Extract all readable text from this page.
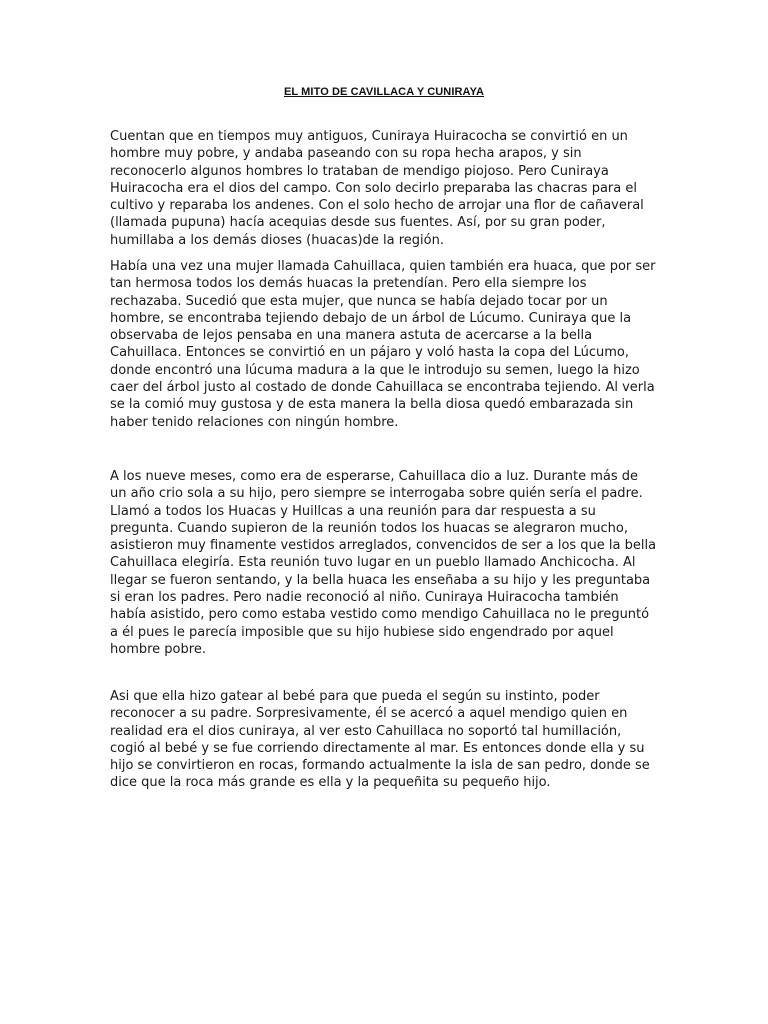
EL MITO DE CAVILLACA Y CUNIRAYA

Cuentan que en tiempos muy antiguos, Cuniraya Huiracocha se convirtió en un hombre muy pobre, y andaba paseando con su ropa hecha arapos, y sin reconocerlo algunos hombres lo trataban de mendigo piojoso. Pero Cuniraya Huiracocha era el dios del campo. Con solo decirlo preparaba las chacras para el cultivo y reparaba los andenes. Con el solo hecho de arrojar una flor de cañaveral (llamada pupuna) hacía acequias desde sus fuentes. Así, por su gran poder, humillaba a los demás dioses (huacas)de la región.

Había una vez una mujer llamada Cahuillaca, quien también era huaca, que por ser tan hermosa todos los demás huacas la pretendían. Pero ella siempre los rechazaba. Sucedió que esta mujer, que nunca se había dejado tocar por un hombre, se encontraba tejiendo debajo de un árbol de Lúcumo. Cuniraya que la observaba de lejos pensaba en una manera astuta de acercarse a la bella Cahuillaca. Entonces se convirtió en un pájaro y voló hasta la copa del Lúcumo, donde encontró una lúcuma madura a la que le introdujo su semen, luego la hizo caer del árbol justo al costado de donde Cahuillaca se encontraba tejiendo. Al verla se la comió muy gustosa y de esta manera la bella diosa quedó embarazada sin haber tenido relaciones con ningún hombre.

A los nueve meses, como era de esperarse, Cahuillaca dio a luz. Durante más de un año crio sola a su hijo, pero siempre se interrogaba sobre quién sería el padre. Llamó a todos los Huacas y Huillcas a una reunión para dar respuesta a su pregunta. Cuando supieron de la reunión todos los huacas se alegraron mucho, asistieron muy finamente vestidos arreglados, convencidos de ser a los que la bella Cahuillaca elegiría. Esta reunión tuvo lugar en un pueblo llamado Anchicocha. Al llegar se fueron sentando, y la bella huaca les enseñaba a su hijo y les preguntaba si eran los padres. Pero nadie reconoció al niño. Cuniraya Huiracocha también había asistido, pero como estaba vestido como mendigo Cahuillaca no le preguntó a él pues le parecía imposible que su hijo hubiese sido engendrado por aquel hombre pobre.

Asi que ella hizo gatear al bebé para que pueda el según su instinto, poder reconocer a su padre. Sorpresivamente, él se acercó a aquel mendigo quien en realidad era el dios cuniraya, al ver esto Cahuillaca no soportó tal humillación, cogió al bebé y se fue corriendo directamente al mar. Es entonces donde ella y su hijo se convirtieron en rocas, formando actualmente la isla de san pedro, donde se dice que la roca más grande es ella y la pequeñita su pequeño hijo.
